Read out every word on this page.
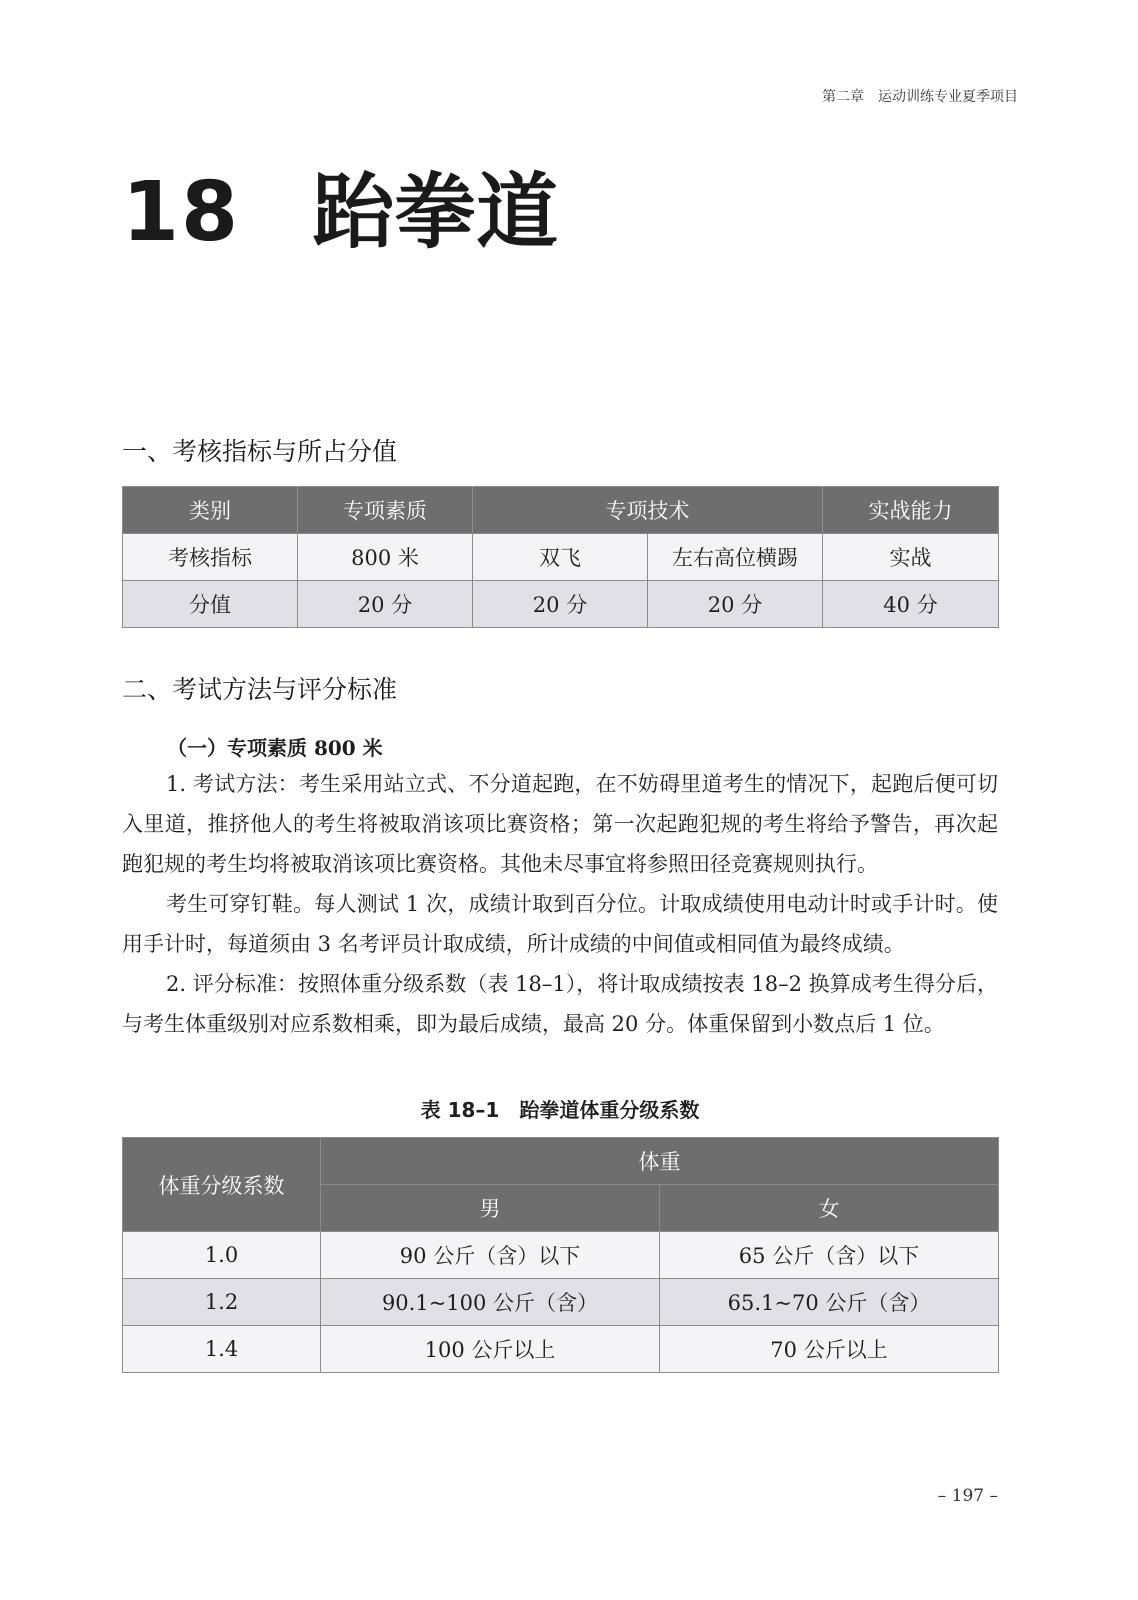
第二章　运动训练专业夏季项目
18 跆拳道
一、考核指标与所占分值
类别	专项素质	专项技术		实战能力
考核指标	800 米	双飞	左右高位横踢	实战
分值	20 分	20 分	20 分	40 分
二、考试方法与评分标准
（一）专项素质 800 米

1. 考试方法：考生采用站立式、不分道起跑，在不妨碍里道考生的情况下，起跑后便可切入里道，推挤他人的考生将被取消该项比赛资格；第一次起跑犯规的考生将给予警告，再次起跑犯规的考生均将被取消该项比赛资格。其他未尽事宜将参照田径竞赛规则执行。

考生可穿钉鞋。每人测试 1 次，成绩计取到百分位。计取成绩使用电动计时或手计时。使用手计时，每道须由 3 名考评员计取成绩，所计成绩的中间值或相同值为最终成绩。

2. 评分标准：按照体重分级系数（表 18–1），将计取成绩按表 18–2 换算成考生得分后，与考生体重级别对应系数相乘，即为最后成绩，最高 20 分。体重保留到小数点后 1 位。

表 18–1　跆拳道体重分级系数
体重分级系数	体重	
	男	女
1.0	90 公斤（含）以下	65 公斤（含）以下
1.2	90.1~100 公斤（含）	65.1~70 公斤（含）
1.4	100 公斤以上	70 公斤以上
– 197 –
